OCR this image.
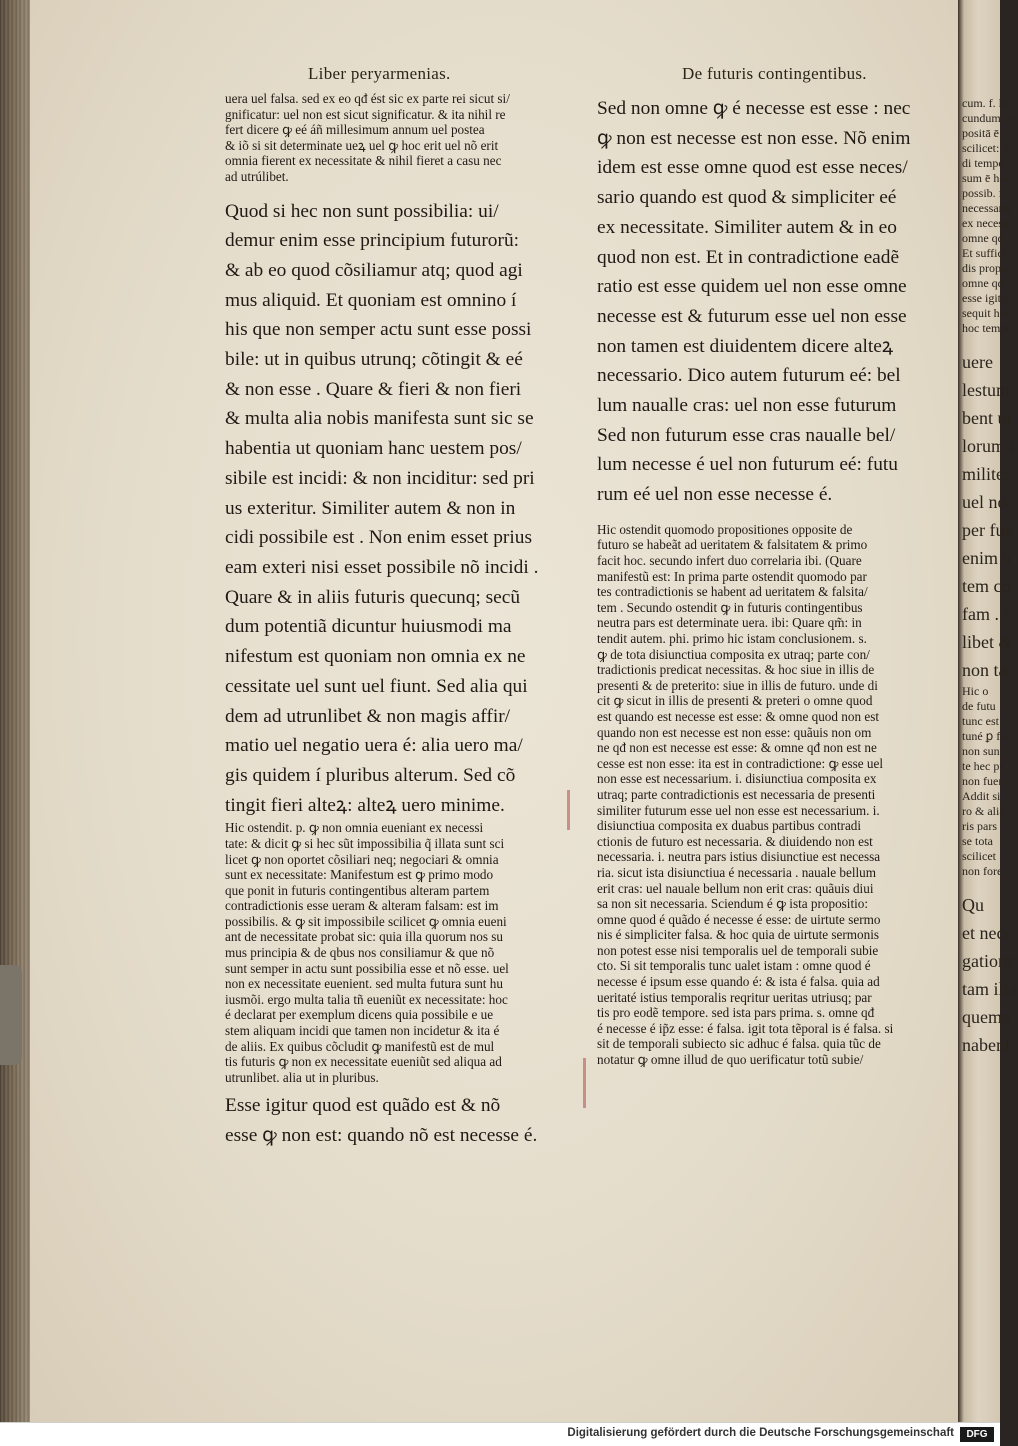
Liber peryarmenias.	De futuris contingentibus.
uera uel falsa. sed ex eo qđ ést sic ex parte rei sicut si/
gnificatur: uel non est sicut significatur. & ita nihil re
fert dicere ꝙ eé áñ millesimum annum uel postea
& iõ si sit determinate ueꝝ uel ꝙ hoc erit uel nõ erit
omnia fierent ex necessitate & nihil fieret a casu nec
ad utrúlibet.
Quod si hec non sunt possibilia: ui/
demur enim esse principium futurorũ:
& ab eo quod cõsiliamur atq; quod agi
mus aliquid. Et quoniam est omnino í
his que non semper actu sunt esse possi
bile: ut in quibus utrunq; cõtingit & eé
& non esse . Quare & fieri & non fieri
& multa alia nobis manifesta sunt sic se
habentia ut quoniam hanc uestem pos/
sibile est incidi: & non inciditur: sed pri
us exteritur. Similiter autem & non in
cidi possibile est . Non enim esset prius
eam exteri nisi esset possibile nõ incidi .
Quare & in aliis futuris quecunq; secũ
dum potentiã dicuntur huiusmodi ma
nifestum est quoniam non omnia ex ne
cessitate uel sunt uel fiunt. Sed alia qui
dem ad utrunlibet & non magis affir/
matio uel negatio uera é: alia uero ma/
gis quidem í pluribus alterum. Sed cõ
tingit fieri alteꝝ: alteꝝ uero minime.
Hic ostendit. p. ꝙ non omnia eueniant ex necessi
tate: & dicit ꝙ si hec sũt impossibilia q̃ illata sunt sci
licet ꝙ non oportet cõsiliari neq; negociari & omnia
sunt ex necessitate: Manifestum est ꝙ primo modo
que ponit in futuris contingentibus alteram partem
contradictionis esse ueram & alteram falsam: est im
possibilis. & ꝙ sit impossibile scilicet ꝙ omnia eueni
ant de necessitate probat sic: quia illa quorum nos su
mus principia & de qbus nos consiliamur & que nõ
sunt semper in actu sunt possibilia esse et nõ esse. uel
non ex necessitate euenient. sed multa futura sunt hu
iusmõi. ergo multa talia tñ eueniũt ex necessitate: hoc
é declarat per exemplum dicens quia possibile e ue
stem aliquam incidi que tamen non incidetur & ita é
de aliis. Ex quibus cõcludit ꝙ manifestũ est de mul
tis futuris ꝙ non ex necessitate eueniũt sed aliqua ad
utrunlibet. alia ut in pluribus.
Esse igitur quod est quãdo est & nõ
esse ꝙ non est: quando nõ est necesse é.
Sed non omne ꝙ é necesse est esse : nec
ꝙ non est necesse est non esse. Nõ enim
idem est esse omne quod est esse neces/
sario quando est quod & simpliciter eé
ex necessitate. Similiter autem & in eo
quod non est. Et in contradictione eadẽ
ratio est esse quidem uel non esse omne
necesse est & futurum esse uel non esse
non tamen est diuidentem dicere alteꝝ
necessario. Dico autem futurum eé: bel
lum naualle cras: uel non esse futurum
Sed non futurum esse cras naualle bel/
lum necesse é uel non futurum eé: futu
rum eé uel non esse necesse é.
Hic ostendit quomodo propositiones opposite de
futuro se habeãt ad ueritatem & falsitatem & primo
facit hoc. secundo infert duo correlaria ibi. (Quare
manifestũ est: In prima parte ostendit quomodo par
tes contradictionis se habent ad ueritatem & falsita/
tem . Secundo ostendit ꝙ in futuris contingentibus
neutra pars est determinate uera. ibi: Quare qm̃: in
tendit autem. phi. primo hic istam conclusionem. s.
ꝙ de tota disiunctiua composita ex utraq; parte con/
tradictionis predicat necessitas. & hoc siue in illis de
presenti & de preterito: siue in illis de futuro. unde di
cit ꝙ sicut in illis de presenti & preteri o omne quod
est quando est necesse est esse: & omne quod non est
quando non est necesse est non esse: quãuis non om
ne qđ non est necesse est esse: & omne qđ non est ne
cesse est non esse: ita est in contradictione: ꝙ esse uel
non esse est necessarium. i. disiunctiua composita ex
utraq; parte contradictionis est necessaria de presenti
similiter futurum esse uel non esse est necessarium. i.
disiunctiua composita ex duabus partibus contradi
ctionis de futuro est necessaria. & diuidendo non est
necessaria. i. neutra pars istius disiunctiue est necessa
ria. sicut ista disiunctiua é necessaria . nauale bellum
erit cras: uel nauale bellum non erit cras: quãuis diui
sa non sit necessaria. Sciendum é ꝙ ista propositio:
omne quod é quãdo é necesse é esse: de uirtute sermo
nis é simpliciter falsa. & hoc quia de uirtute sermonis
non potest esse nisi temporalis uel de temporali subie
cto. Si sit temporalis tunc ualet istam : omne quod é
necesse é ipsum esse quando é: & ista é falsa. quia ad
ueritaté istius temporalis reqritur ueritas utriusq; par
tis pro eodẽ tempore. sed ista pars prima. s. omne qđ
é necesse é ip̃z esse: é falsa. igit tota tẽporal is é falsa. si
sit de temporali subiecto sic adhuc é falsa. quia tũc de
notatur ꝙ omne illud de quo uerificatur totũ subie/
cum. f. ly
cundum m
positā ē
scilicet: d
di tempo
sum ē hoc
possib. f.
necessaria
ex necess
omne qd
Et suffici
dis propo
omne qd
esse igitu
sequit hoc
hoc tempo
uere
lestum
bent ut
lorum c
militer
uel no
per fun
enim n
tem co
fam . r
libet &
non ta
Hic o
de futu
tunc est
tuné ꝑ fu
non sunt
te hec pr
non fuer
Addit si
ro & alia
ris pars
se tota
scilicet
non fore.
Qu
et nece
gatione
tam illa
quema
nabent
Digitalisierung gefördert durch die Deutsche Forschungsgemeinschaft	DFG
